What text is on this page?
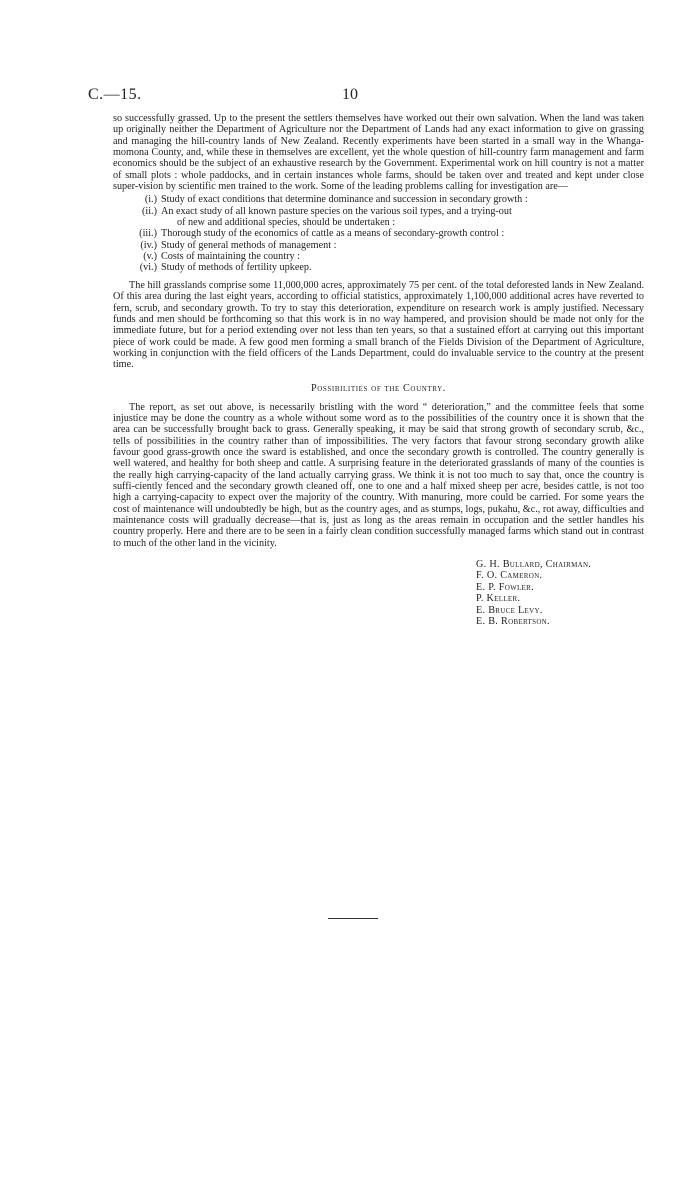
C.—15.	10

so successfully grassed. Up to the present the settlers themselves have worked out their own salvation. When the land was taken up originally neither the Department of Agriculture nor the Department of Lands had any exact information to give on grassing and managing the hill-country lands of New Zealand. Recently experiments have been started in a small way in the Whanga-momona County, and, while these in themselves are excellent, yet the whole question of hill-country farm management and farm economics should be the subject of an exhaustive research by the Government. Experimental work on hill country is not a matter of small plots : whole paddocks, and in certain instances whole farms, should be taken over and treated and kept under close super-vision by scientific men trained to the work. Some of the leading problems calling for investigation are—

(i.) Study of exact conditions that determine dominance and succession in secondary growth :
(ii.) An exact study of all known pasture species on the various soil types, and a trying-out
of new and additional species, should be undertaken :
(iii.) Thorough study of the economics of cattle as a means of secondary-growth control :
(iv.) Study of general methods of management :
(v.) Costs of maintaining the country :
(vi.) Study of methods of fertility upkeep.

The hill grasslands comprise some 11,000,000 acres, approximately 75 per cent. of the total deforested lands in New Zealand. Of this area during the last eight years, according to official statistics, approximately 1,100,000 additional acres have reverted to fern, scrub, and secondary growth. To try to stay this deterioration, expenditure on research work is amply justified. Necessary funds and men should be forthcoming so that this work is in no way hampered, and provision should be made not only for the immediate future, but for a period extending over not less than ten years, so that a sustained effort at carrying out this important piece of work could be made. A few good men forming a small branch of the Fields Division of the Department of Agriculture, working in conjunction with the field officers of the Lands Department, could do invaluable service to the country at the present time.

Possibilities of the Country.

The report, as set out above, is necessarily bristling with the word “ deterioration,” and the committee feels that some injustice may be done the country as a whole without some word as to the possibilities of the country once it is shown that the area can be successfully brought back to grass. Generally speaking, it may be said that strong growth of secondary scrub, &c., tells of possibilities in the country rather than of impossibilities. The very factors that favour strong secondary growth alike favour good grass-growth once the sward is established, and once the secondary growth is controlled. The country generally is well watered, and healthy for both sheep and cattle. A surprising feature in the deteriorated grasslands of many of the counties is the really high carrying-capacity of the land actually carrying grass. We think it is not too much to say that, once the country is suffi-ciently fenced and the secondary growth cleaned off, one to one and a half mixed sheep per acre, besides cattle, is not too high a carrying-capacity to expect over the majority of the country. With manuring, more could be carried. For some years the cost of maintenance will undoubtedly be high, but as the country ages, and as stumps, logs, pukahu, &c., rot away, difficulties and maintenance costs will gradually decrease—that is, just as long as the areas remain in occupation and the settler handles his country properly. Here and there are to be seen in a fairly clean condition successfully managed farms which stand out in contrast to much of the other land in the vicinity.

G. H. Bullard, Chairman.
F. O. Cameron.
E. P. Fowler.
P. Keller.
E. Bruce Levy.
E. B. Robertson.
